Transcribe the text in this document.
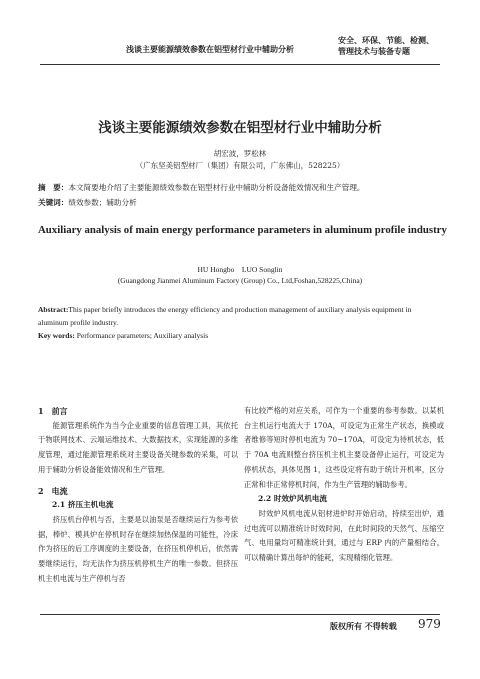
浅谈主要能源绩效参数在铝型材行业中辅助分析
安全、环保、节能、检测、
管理技术与装备专题
浅谈主要能源绩效参数在铝型材行业中辅助分析
胡宏波，罗松林
（广东坚美铝型材厂（集团）有限公司，广东佛山，528225）
摘　要：本文简要地介绍了主要能源绩效参数在铝型材行业中辅助分析设备能效情况和生产管理。
关键词：绩效参数；辅助分析
Auxiliary analysis of main energy performance parameters in aluminum profile industry
HU Hongbo　LUO Songlin
(Guangdong Jianmei Aluminum Factory (Group) Co., Ltd,Foshan,528225,China)
Abstract:This paper briefly introduces the energy efficiency and production management of auxiliary analysis equipment in aluminum profile industry.
Key words: Performance parameters; Auxiliary analysis

1　前言

能源管理系统作为当今企业重要的信息管理工具，其依托于物联网技术、云端运维技术、大数据技术，实现能源的多维度管理，通过能源管理系统对主要设备关键参数的采集，可以用于辅助分析设备能效情况和生产管理。

2　电流

2.1 挤压主机电流

挤压机台停机与否，主要是以油泵是否继续运行为参考依据，棒炉、模具炉在停机时存在继续加热保温的可能性，冷床作为挤压的后工序调度的主要设备，在挤压机停机后，依然需要继续运行，均无法作为挤压机停机生产的唯一参数。但挤压机主机电流与生产停机与否

有比较严格的对应关系，可作为一个重要的参考参数。以某机台主机运行电流大于 170A，可设定为正常生产状态，换模或者维修等短时停机电流为 70~170A，可设定为待机状态，低于 70A 电流则整台挤压机主机主要设备停止运行，可设定为停机状态，具体见图 1，这些设定将有助于统计开机率，区分正常和非正常停机时间，作为生产管理的辅助参考。

2.2 时效炉风机电流

时效炉风机电流从铝材进炉时开始启动，持续至出炉，通过电流可以精准统计时效时间，在此时间段的天然气、压缩空气、电用量均可精准统计到，通过与 ERP 内的产量相结合，可以精确计算出每炉的能耗，实现精细化管理。

版权所有 不得转载 979
